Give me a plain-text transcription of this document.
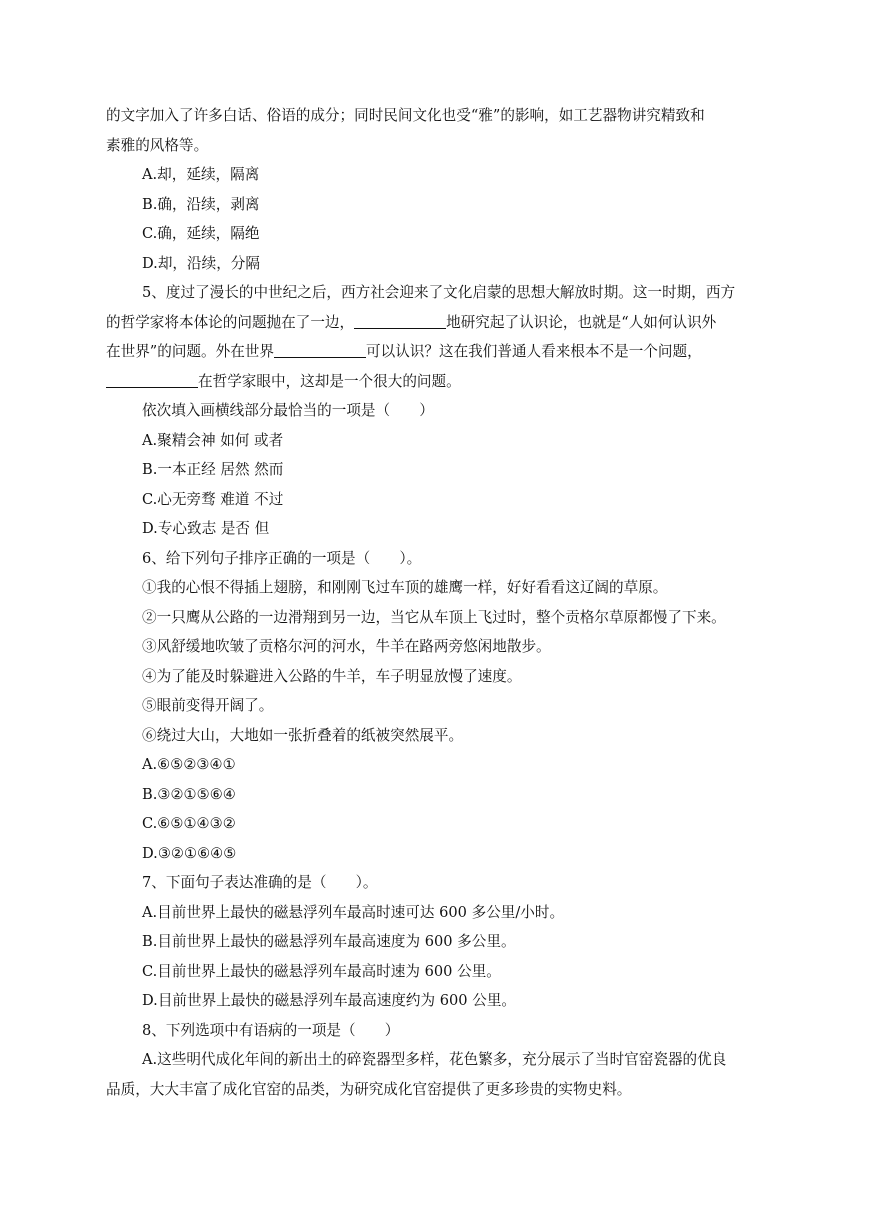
的文字加入了许多白话、俗语的成分；同时民间文化也受“雅”的影响，如工艺器物讲究精致和
素雅的风格等。
A.却，延续，隔离
B.确，沿续，剥离
C.确，延续，隔绝
D.却，沿续，分隔
5、度过了漫长的中世纪之后，西方社会迎来了文化启蒙的思想大解放时期。这一时期，西方
的哲学家将本体论的问题抛在了一边，	地研究起了认识论，也就是“人如何认识外
在世界”的问题。外在世界	可以认识？这在我们普通人看来根本不是一个问题，
在哲学家眼中，这却是一个很大的问题。
依次填入画横线部分最恰当的一项是（　　）
A.聚精会神 如何 或者
B.一本正经 居然 然而
C.心无旁骛 难道 不过
D.专心致志 是否 但
6、给下列句子排序正确的一项是（　　）。
①我的心恨不得插上翅膀，和刚刚飞过车顶的雄鹰一样，好好看看这辽阔的草原。
②一只鹰从公路的一边滑翔到另一边，当它从车顶上飞过时，整个贡格尔草原都慢了下来。
③风舒缓地吹皱了贡格尔河的河水，牛羊在路两旁悠闲地散步。
④为了能及时躲避进入公路的牛羊，车子明显放慢了速度。
⑤眼前变得开阔了。
⑥绕过大山，大地如一张折叠着的纸被突然展平。
A.⑥⑤②③④①
B.③②①⑤⑥④
C.⑥⑤①④③②
D.③②①⑥④⑤
7、下面句子表达准确的是（　　）。
A.目前世界上最快的磁悬浮列车最高时速可达 600 多公里/小时。
B.目前世界上最快的磁悬浮列车最高速度为 600 多公里。
C.目前世界上最快的磁悬浮列车最高时速为 600 公里。
D.目前世界上最快的磁悬浮列车最高速度约为 600 公里。
8、下列选项中有语病的一项是（　　）
A.这些明代成化年间的新出土的碎瓷器型多样，花色繁多，充分展示了当时官窑瓷器的优良
品质，大大丰富了成化官窑的品类，为研究成化官窑提供了更多珍贵的实物史料。
